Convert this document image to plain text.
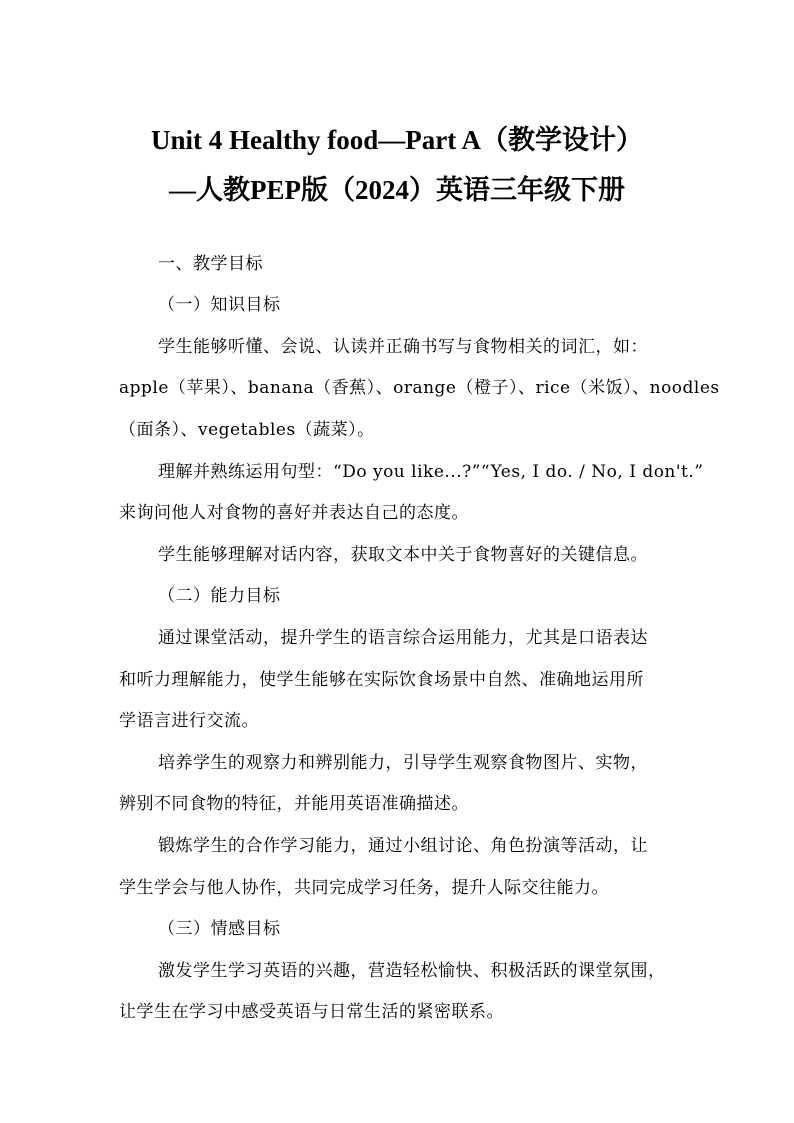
Unit 4 Healthy food—Part A（教学设计）
—人教PEP版（2024）英语三年级下册
一、教学目标
（一）知识目标
学生能够听懂、会说、认读并正确书写与食物相关的词汇，如：
apple（苹果）、banana（香蕉）、orange（橙子）、rice（米饭）、noodles
（面条）、vegetables（蔬菜）。
理解并熟练运用句型：“Do you like...?”“Yes, I do. / No, I don't.”
来询问他人对食物的喜好并表达自己的态度。
学生能够理解对话内容，获取文本中关于食物喜好的关键信息。
（二）能力目标
通过课堂活动，提升学生的语言综合运用能力，尤其是口语表达
和听力理解能力，使学生能够在实际饮食场景中自然、准确地运用所
学语言进行交流。
培养学生的观察力和辨别能力，引导学生观察食物图片、实物，
辨别不同食物的特征，并能用英语准确描述。
锻炼学生的合作学习能力，通过小组讨论、角色扮演等活动，让
学生学会与他人协作，共同完成学习任务，提升人际交往能力。
（三）情感目标
激发学生学习英语的兴趣，营造轻松愉快、积极活跃的课堂氛围，
让学生在学习中感受英语与日常生活的紧密联系。
